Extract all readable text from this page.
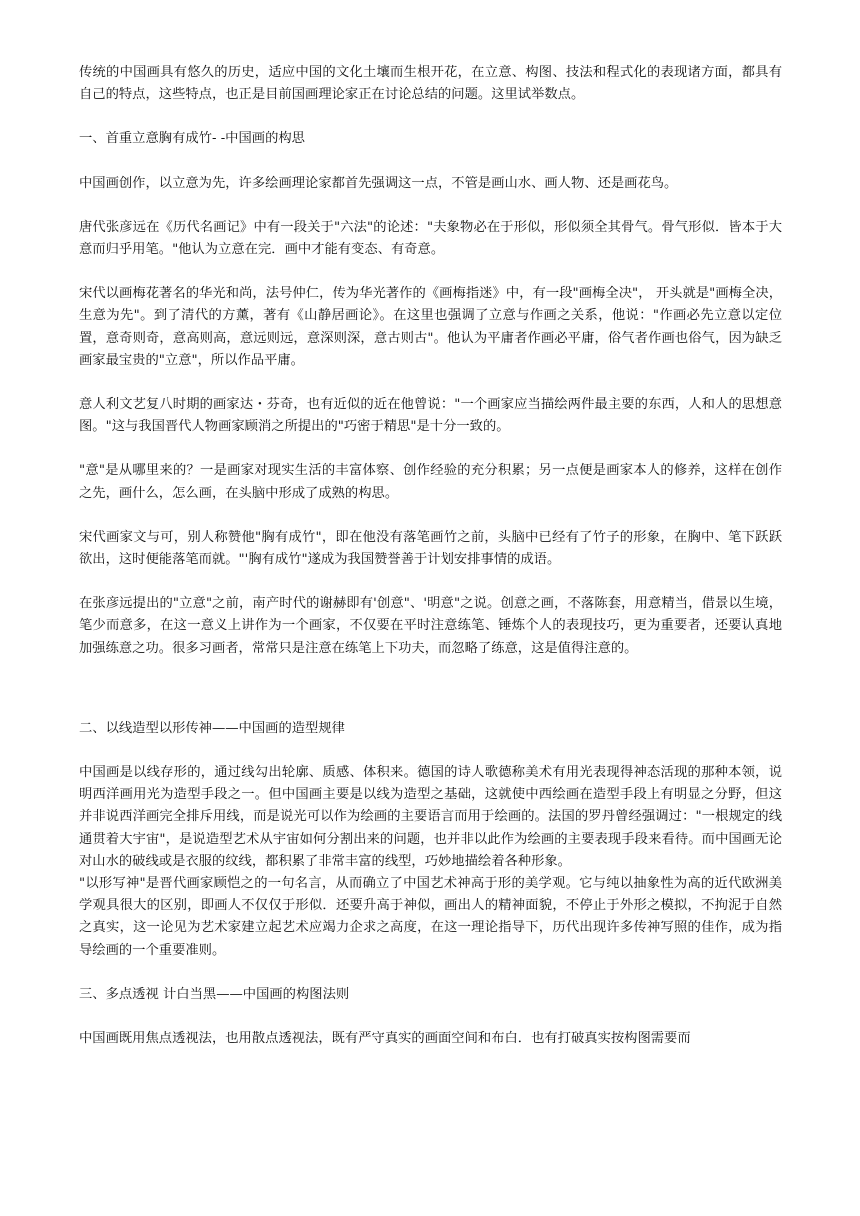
传统的中国画具有悠久的历史，适应中国的文化土壤而生根开花，在立意、构图、技法和程式化的表现诸方面，都具有自己的特点，这些特点，也正是目前国画理论家正在讨论总结的问题。这里试举数点。

一、首重立意胸有成竹- -中国画的构思

中国画创作，以立意为先，许多绘画理论家都首先强调这一点，不管是画山水、画人物、还是画花鸟。

唐代张彦远在《历代名画记》中有一段关于"六法"的论述："夫象物必在于形似，形似须全其骨气。骨气形似．皆本于大意而归乎用笔。"他认为立意在完．画中才能有变态、有奇意。

宋代以画梅花著名的华光和尚，法号仲仁，传为华光著作的《画梅指迷》中，有一段"画梅全决"， 开头就是"画梅全决，生意为先"。到了清代的方薰，著有《山静居画论》。在这里也强调了立意与作画之关系，他说："作画必先立意以定位置，意奇则奇，意高则高，意远则远，意深则深，意古则古"。他认为平庸者作画必平庸，俗气者作画也俗气，因为缺乏画家最宝贵的"立意"，所以作品平庸。

意人利文艺复八时期的画家达・芬奇，也有近似的近在他曾说："一个画家应当描绘两件最主要的东西，人和人的思想意图。"这与我国晋代人物画家顾消之所提出的"巧密于精思"是十分一致的。

"意"是从哪里来的？一是画家对现实生活的丰富体察、创作经验的充分积累；另一点便是画家本人的修养，这样在创作之先，画什么，怎么画，在头脑中形成了成熟的构思。

宋代画家文与可，别人称赞他"胸有成竹"，即在他没有落笔画竹之前，头脑中已经有了竹子的形象，在胸中、笔下跃跃欲出，这时便能落笔而就。"'胸有成竹"遂成为我国赞誉善于计划安排事情的成语。

在张彦远提出的"立意"之前，南产时代的谢赫即有'创意"、'明意"之说。创意之画，不落陈套，用意精当，借景以生境，笔少而意多，在这一意义上讲作为一个画家，不仅要在平时注意练笔、锤炼个人的表现技巧，更为重要者，还要认真地加强练意之功。很多习画者，常常只是注意在练笔上下功夫，而忽略了练意，这是值得注意的。

二、以线造型以形传神——中国画的造型规律

中国画是以线存形的，通过线勾出轮廓、质感、体积来。德国的诗人歌德称美术有用光表现得神态活现的那种本领，说明西洋画用光为造型手段之一。但中国画主要是以线为造型之基础，这就使中西绘画在造型手段上有明显之分野，但这并非说西洋画完全排斥用线，而是说光可以作为绘画的主要语言而用于绘画的。法国的罗丹曾经强调过："一根规定的线通贯着大宇宙"，是说造型艺术从宇宙如何分割出来的问题，也并非以此作为绘画的主要表现手段来看待。而中国画无论对山水的破线或是衣服的纹线，都积累了非常丰富的线型，巧妙地描绘着各种形象。

"以形写神"是晋代画家顾恺之的一句名言，从而确立了中国艺术神高于形的美学观。它与纯以抽象性为高的近代欧洲美学观具很大的区别，即画人不仅仅于形似．还要升高于神似，画出人的精神面貌，不停止于外形之模拟，不拘泥于自然之真实，这一论见为艺术家建立起艺术应竭力企求之高度，在这一理论指导下，历代出现许多传神写照的佳作，成为指导绘画的一个重要准则。

三、多点透视 计白当黑——中国画的构图法则

中国画既用焦点透视法，也用散点透视法，既有严守真实的画面空间和布白．也有打破真实按构图需要而
